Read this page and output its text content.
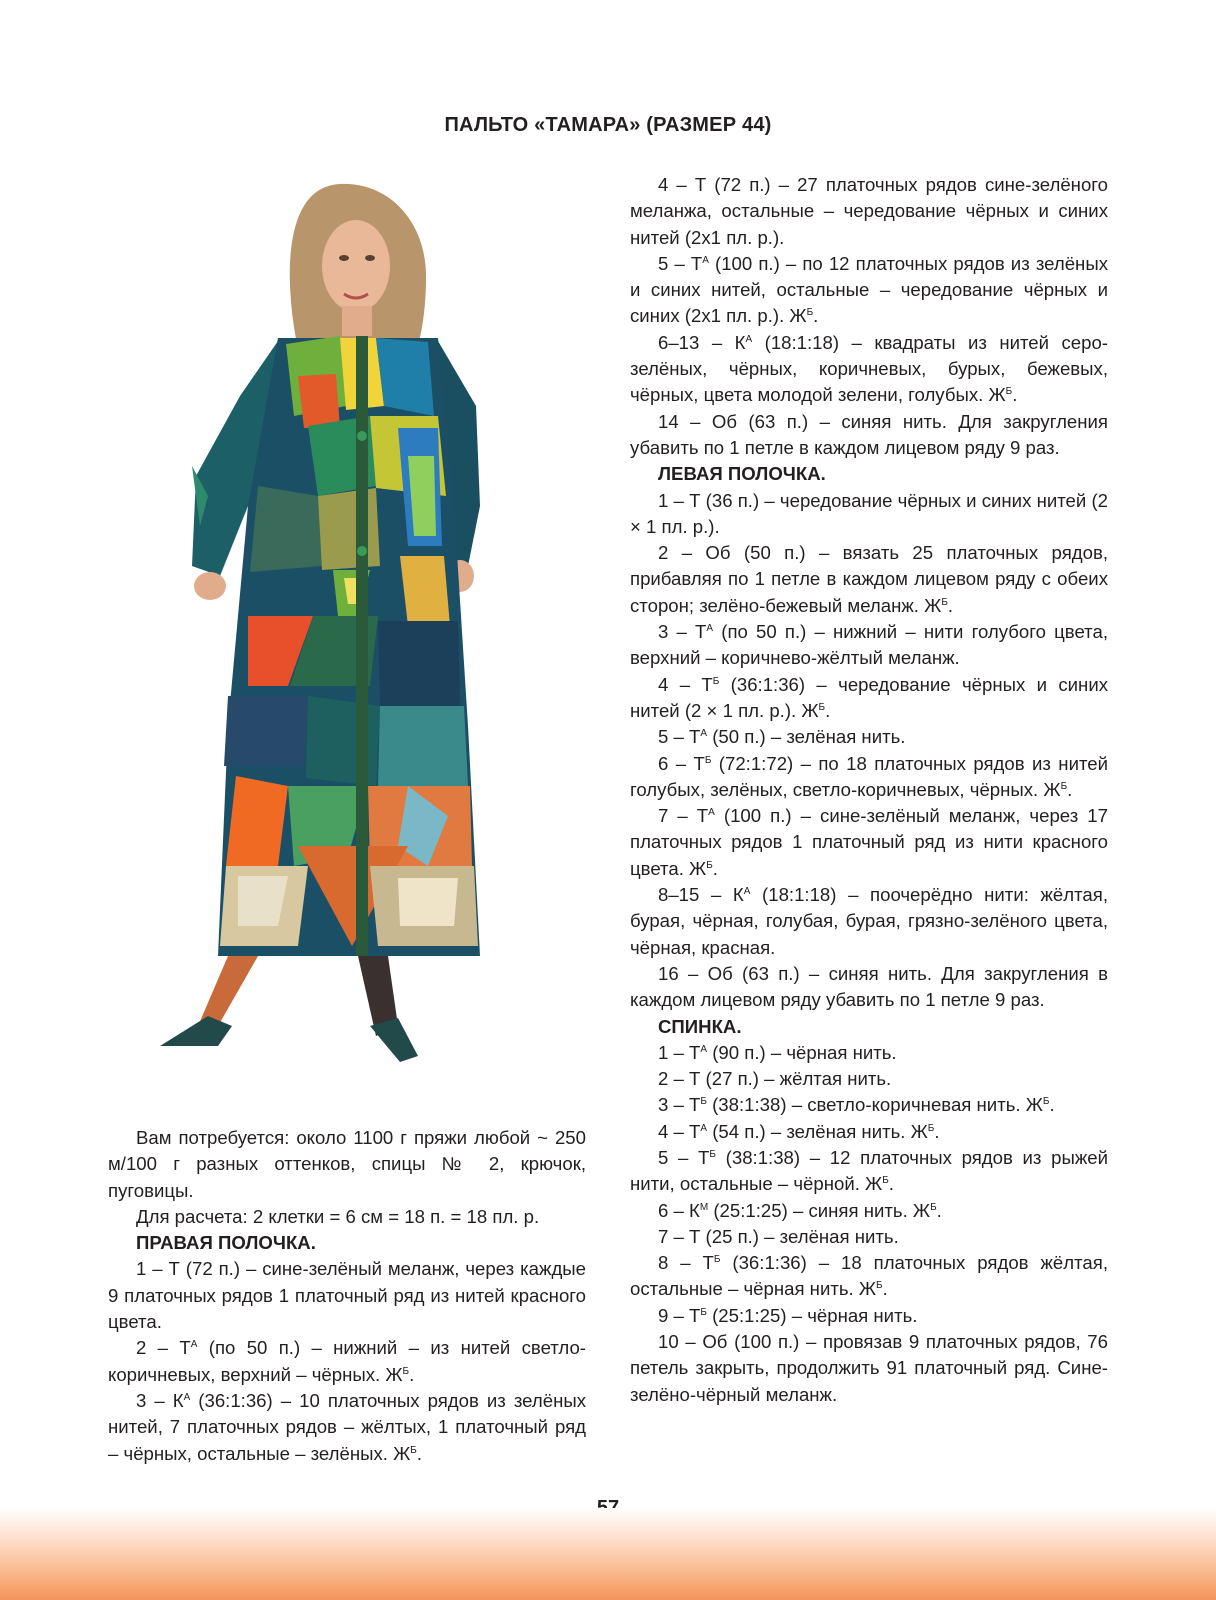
ПАЛЬТО «ТАМАРА» (РАЗМЕР 44)

Вам потребуется: около 1100 г пряжи любой ~ 250 м/100 г разных оттенков, спицы № 2, крючок, пуговицы.

Для расчета: 2 клетки = 6 см = 18 п. = 18 пл. р.

ПРАВАЯ ПОЛОЧКА.

1 – Т (72 п.) – сине-зелёный меланж, через каждые 9 платочных рядов 1 платочный ряд из нитей красного цвета.

$2 - Т^А$ (по 50 п.) – нижний – из нитей светло-коричневых, верхний – чёрных. $Ж^Б$.

$3 - К^А$ (36:1:36) – 10 платочных рядов из зелёных нитей, 7 платочных рядов – жёлтых, 1 платочный ряд – чёрных, остальные – зелёных. $Ж^Б$.

4 – Т (72 п.) – 27 платочных рядов сине-зелёного меланжа, остальные – чередование чёрных и синих нитей (2х1 пл. р.).

$5 - Т^А$ (100 п.) – по 12 платочных рядов из зелёных и синих нитей, остальные – чередование чёрных и синих (2х1 пл. р.). $Ж^Б$.

$6-13 - К^А$ (18:1:18) – квадраты из нитей серо-зелёных, чёрных, коричневых, бурых, бежевых, чёрных, цвета молодой зелени, голубых. $Ж^Б$.

14 – Об (63 п.) – синяя нить. Для закругления убавить по 1 петле в каждом лицевом ряду 9 раз.

ЛЕВАЯ ПОЛОЧКА.

1 – Т (36 п.) – чередование чёрных и синих нитей (2 × 1 пл. р.).

2 – Об (50 п.) – вязать 25 платочных рядов, прибавляя по 1 петле в каждом лицевом ряду с обеих сторон; зелёно-бежевый меланж. $Ж^Б$.

$3 - Т^А$ (по 50 п.) – нижний – нити голубого цвета, верхний – коричнево-жёлтый меланж.

$4 - Т^Б$ (36:1:36) – чередование чёрных и синих нитей (2 × 1 пл. р.). $Ж^Б$.

$5 - Т^А$ (50 п.) – зелёная нить.

$6 - Т^Б$ (72:1:72) – по 18 платочных рядов из нитей голубых, зелёных, светло-коричневых, чёрных. $Ж^Б$.

$7 - Т^А$ (100 п.) – сине-зелёный меланж, через 17 платочных рядов 1 платочный ряд из нити красного цвета. $Ж^Б$.

$8-15 - К^А$ (18:1:18) – поочерёдно нити: жёлтая, бурая, чёрная, голубая, бурая, грязно-зелёного цвета, чёрная, красная.

16 – Об (63 п.) – синяя нить. Для закругления в каждом лицевом ряду убавить по 1 петле 9 раз.

СПИНКА.

$1 - Т^А$ (90 п.) – чёрная нить.

2 – Т (27 п.) – жёлтая нить.

$3 - Т^Б$ (38:1:38) – светло-коричневая нить. $Ж^Б$.

$4 - Т^А$ (54 п.) – зелёная нить. $Ж^Б$.

$5 - Т^Б$ (38:1:38) – 12 платочных рядов из рыжей нити, остальные – чёрной. $Ж^Б$.

$6 - К^М$ (25:1:25) – синяя нить. $Ж^Б$.

7 – Т (25 п.) – зелёная нить.

$8 - Т^Б$ (36:1:36) – 18 платочных рядов жёлтая, остальные – чёрная нить. $Ж^Б$.

$9 - Т^Б$ (25:1:25) – чёрная нить.

10 – Об (100 п.) – провязав 9 платочных рядов, 76 петель закрыть, продолжить 91 платочный ряд. Сине-зелёно-чёрный меланж.
